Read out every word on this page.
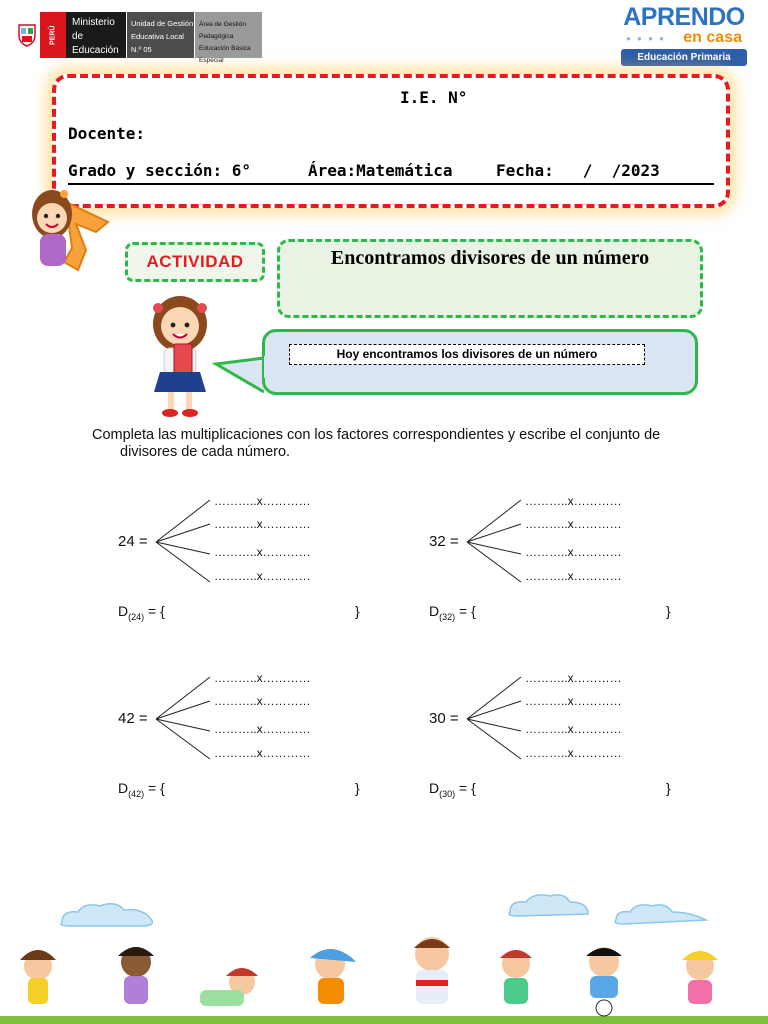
PERÚ
Ministerio
de Educación
Unidad de Gestión
Educativa Local N.º 05
Área de Gestión Pedagógica
Educación Básica Especial
APRENDO
● ● ● ●	en casa
Educación Primaria
I.E. N°
Docente:
Grado y sección: 6°	Área:Matemática	Fecha:   /  /2023
ACTIVIDAD	Encontramos divisores de un número
Hoy encontramos los divisores de un número
Completa las multiplicaciones con los factores correspondientes y escribe el conjunto de divisores de cada número.
24 =
………..x…………
………..x…………
………..x…………
………..x…………
$D_{(24)}$ = {	}
32 =
………..x…………
………..x…………
………..x…………
………..x…………
$D_{(32)}$ = {	}
42 =
………..x…………
………..x…………
………..x…………
………..x…………
$D_{(42)}$ = {	}
30 =
………..x…………
………..x…………
………..x…………
………..x…………
$D_{(30)}$ = {	}
